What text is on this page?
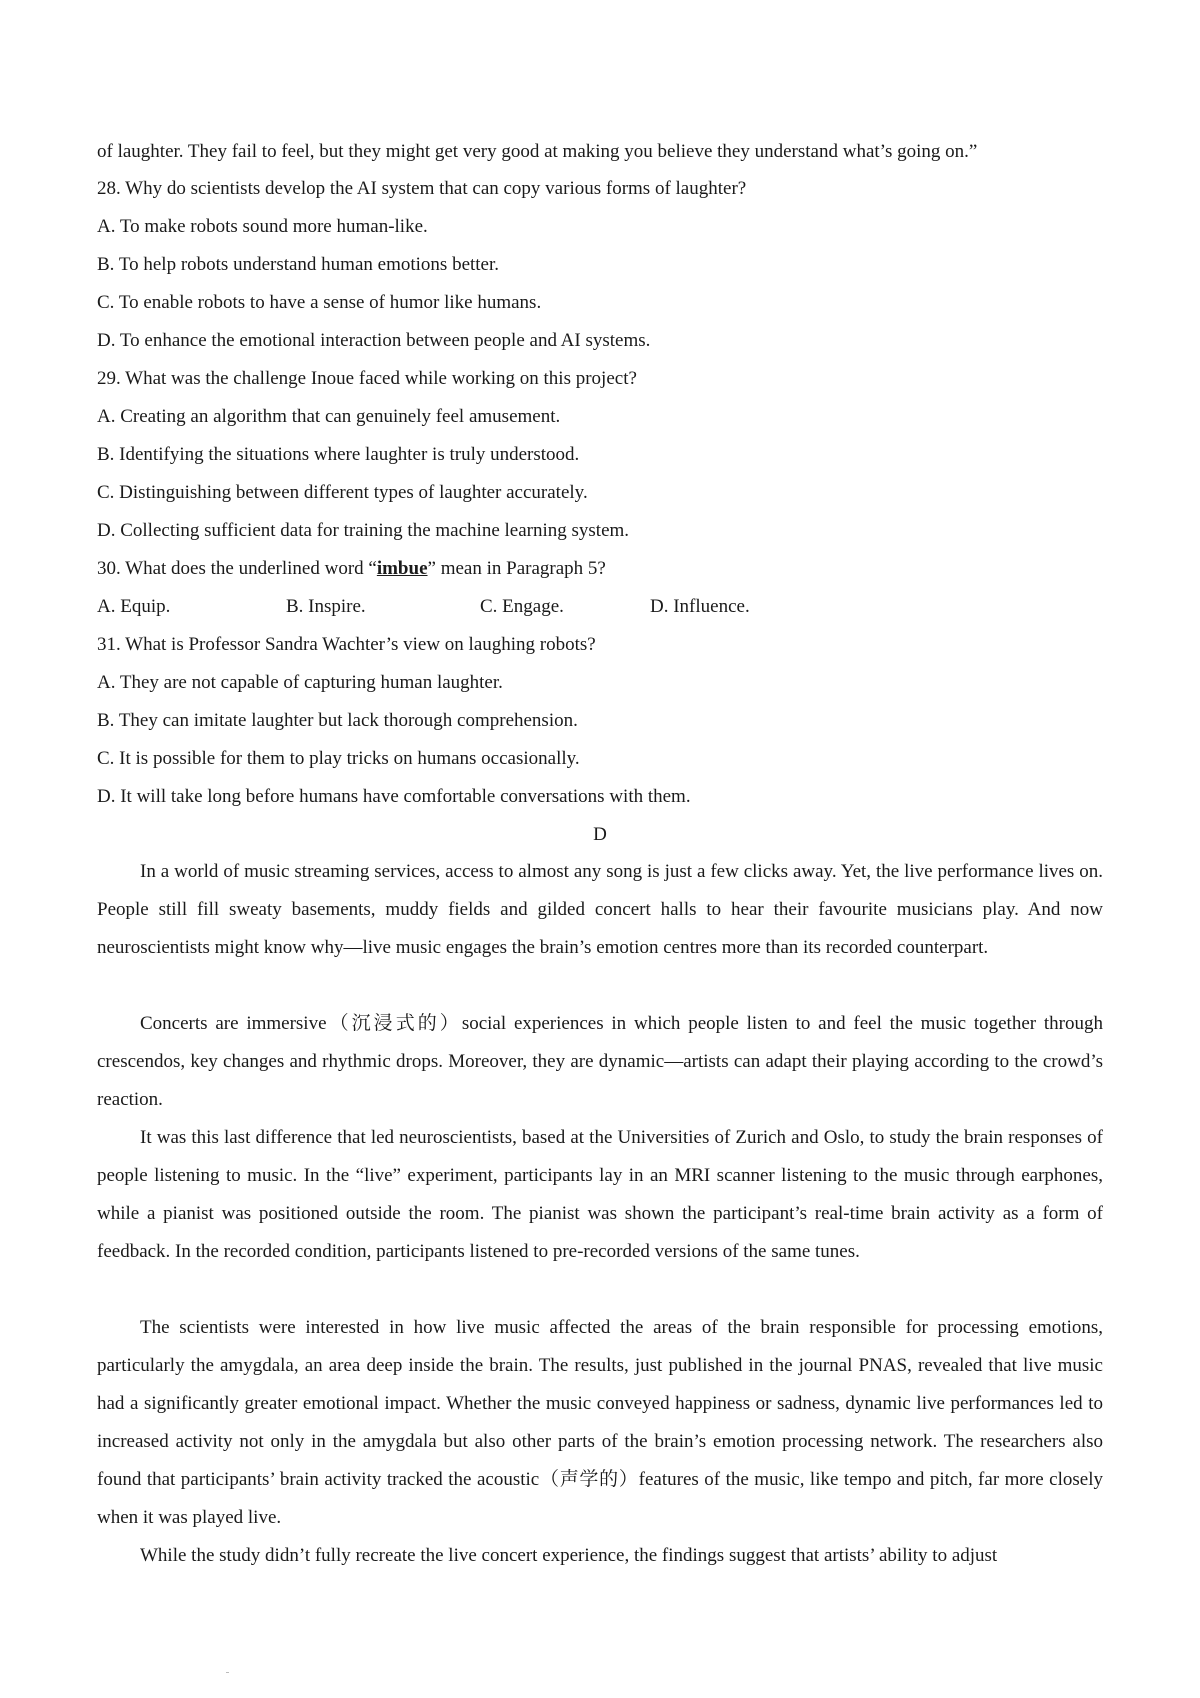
of laughter. They fail to feel, but they might get very good at making you believe they understand what’s going on.”
28. Why do scientists develop the AI system that can copy various forms of laughter?
A. To make robots sound more human-like.
B. To help robots understand human emotions better.
C. To enable robots to have a sense of humor like humans.
D. To enhance the emotional interaction between people and AI systems.
29. What was the challenge Inoue faced while working on this project?
A. Creating an algorithm that can genuinely feel amusement.
B. Identifying the situations where laughter is truly understood.
C. Distinguishing between different types of laughter accurately.
D. Collecting sufficient data for training the machine learning system.
30. What does the underlined word “imbue” mean in Paragraph 5?
A. Equip.	B. Inspire.	C. Engage.	D. Influence.
31. What is Professor Sandra Wachter’s view on laughing robots?
A. They are not capable of capturing human laughter.
B. They can imitate laughter but lack thorough comprehension.
C. It is possible for them to play tricks on humans occasionally.
D. It will take long before humans have comfortable conversations with them.
D

In a world of music streaming services, access to almost any song is just a few clicks away. Yet, the live performance lives on. People still fill sweaty basements, muddy fields and gilded concert halls to hear their favourite musicians play. And now neuroscientists might know why—live music engages the brain’s emotion centres more than its recorded counterpart.

Concerts are immersive（沉浸式的）social experiences in which people listen to and feel the music together through crescendos, key changes and rhythmic drops. Moreover, they are dynamic—artists can adapt their playing according to the crowd’s reaction.

It was this last difference that led neuroscientists, based at the Universities of Zurich and Oslo, to study the brain responses of people listening to music. In the “live” experiment, participants lay in an MRI scanner listening to the music through earphones, while a pianist was positioned outside the room. The pianist was shown the participant’s real-time brain activity as a form of feedback. In the recorded condition, participants listened to pre-recorded versions of the same tunes.

The scientists were interested in how live music affected the areas of the brain responsible for processing emotions, particularly the amygdala, an area deep inside the brain. The results, just published in the journal PNAS, revealed that live music had a significantly greater emotional impact. Whether the music conveyed happiness or sadness, dynamic live performances led to increased activity not only in the amygdala but also other parts of the brain’s emotion processing network. The researchers also found that participants’ brain activity tracked the acoustic（声学的）features of the music, like tempo and pitch, far more closely when it was played live.

While the study didn’t fully recreate the live concert experience, the findings suggest that artists’ ability to adjust
